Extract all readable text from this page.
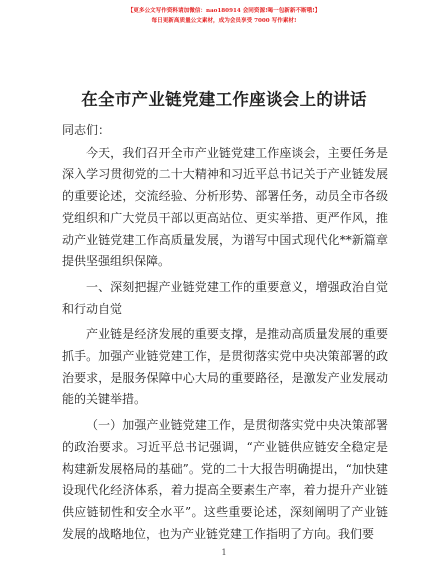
【更多公文写作资料请加微信：nao180914 会同资源!喝一包新新不断哦!】
每日更新高质量公文素材，成为会员享受 7000 写作素材!
在全市产业链党建工作座谈会上的讲话

同志们：

今天，我们召开全市产业链党建工作座谈会，主要任务是深入学习贯彻党的二十大精神和习近平总书记关于产业链发展的重要论述，交流经验、分析形势、部署任务，动员全市各级党组织和广大党员干部以更高站位、更实举措、更严作风，推动产业链党建工作高质量发展，为谱写中国式现代化**新篇章提供坚强组织保障。

一、深刻把握产业链党建工作的重要意义，增强政治自觉和行动自觉

产业链是经济发展的重要支撑，是推动高质量发展的重要抓手。加强产业链党建工作，是贯彻落实党中央决策部署的政治要求，是服务保障中心大局的重要路径，是激发产业发展动能的关键举措。

（一）加强产业链党建工作，是贯彻落实党中央决策部署的政治要求。习近平总书记强调，“产业链供应链安全稳定是构建新发展格局的基础”。党的二十大报告明确提出，“加快建设现代化经济体系，着力提高全要素生产率，着力提升产业链供应链韧性和安全水平”。这些重要论述，深刻阐明了产业链发展的战略地位，也为产业链党建工作指明了方向。我们要

1
